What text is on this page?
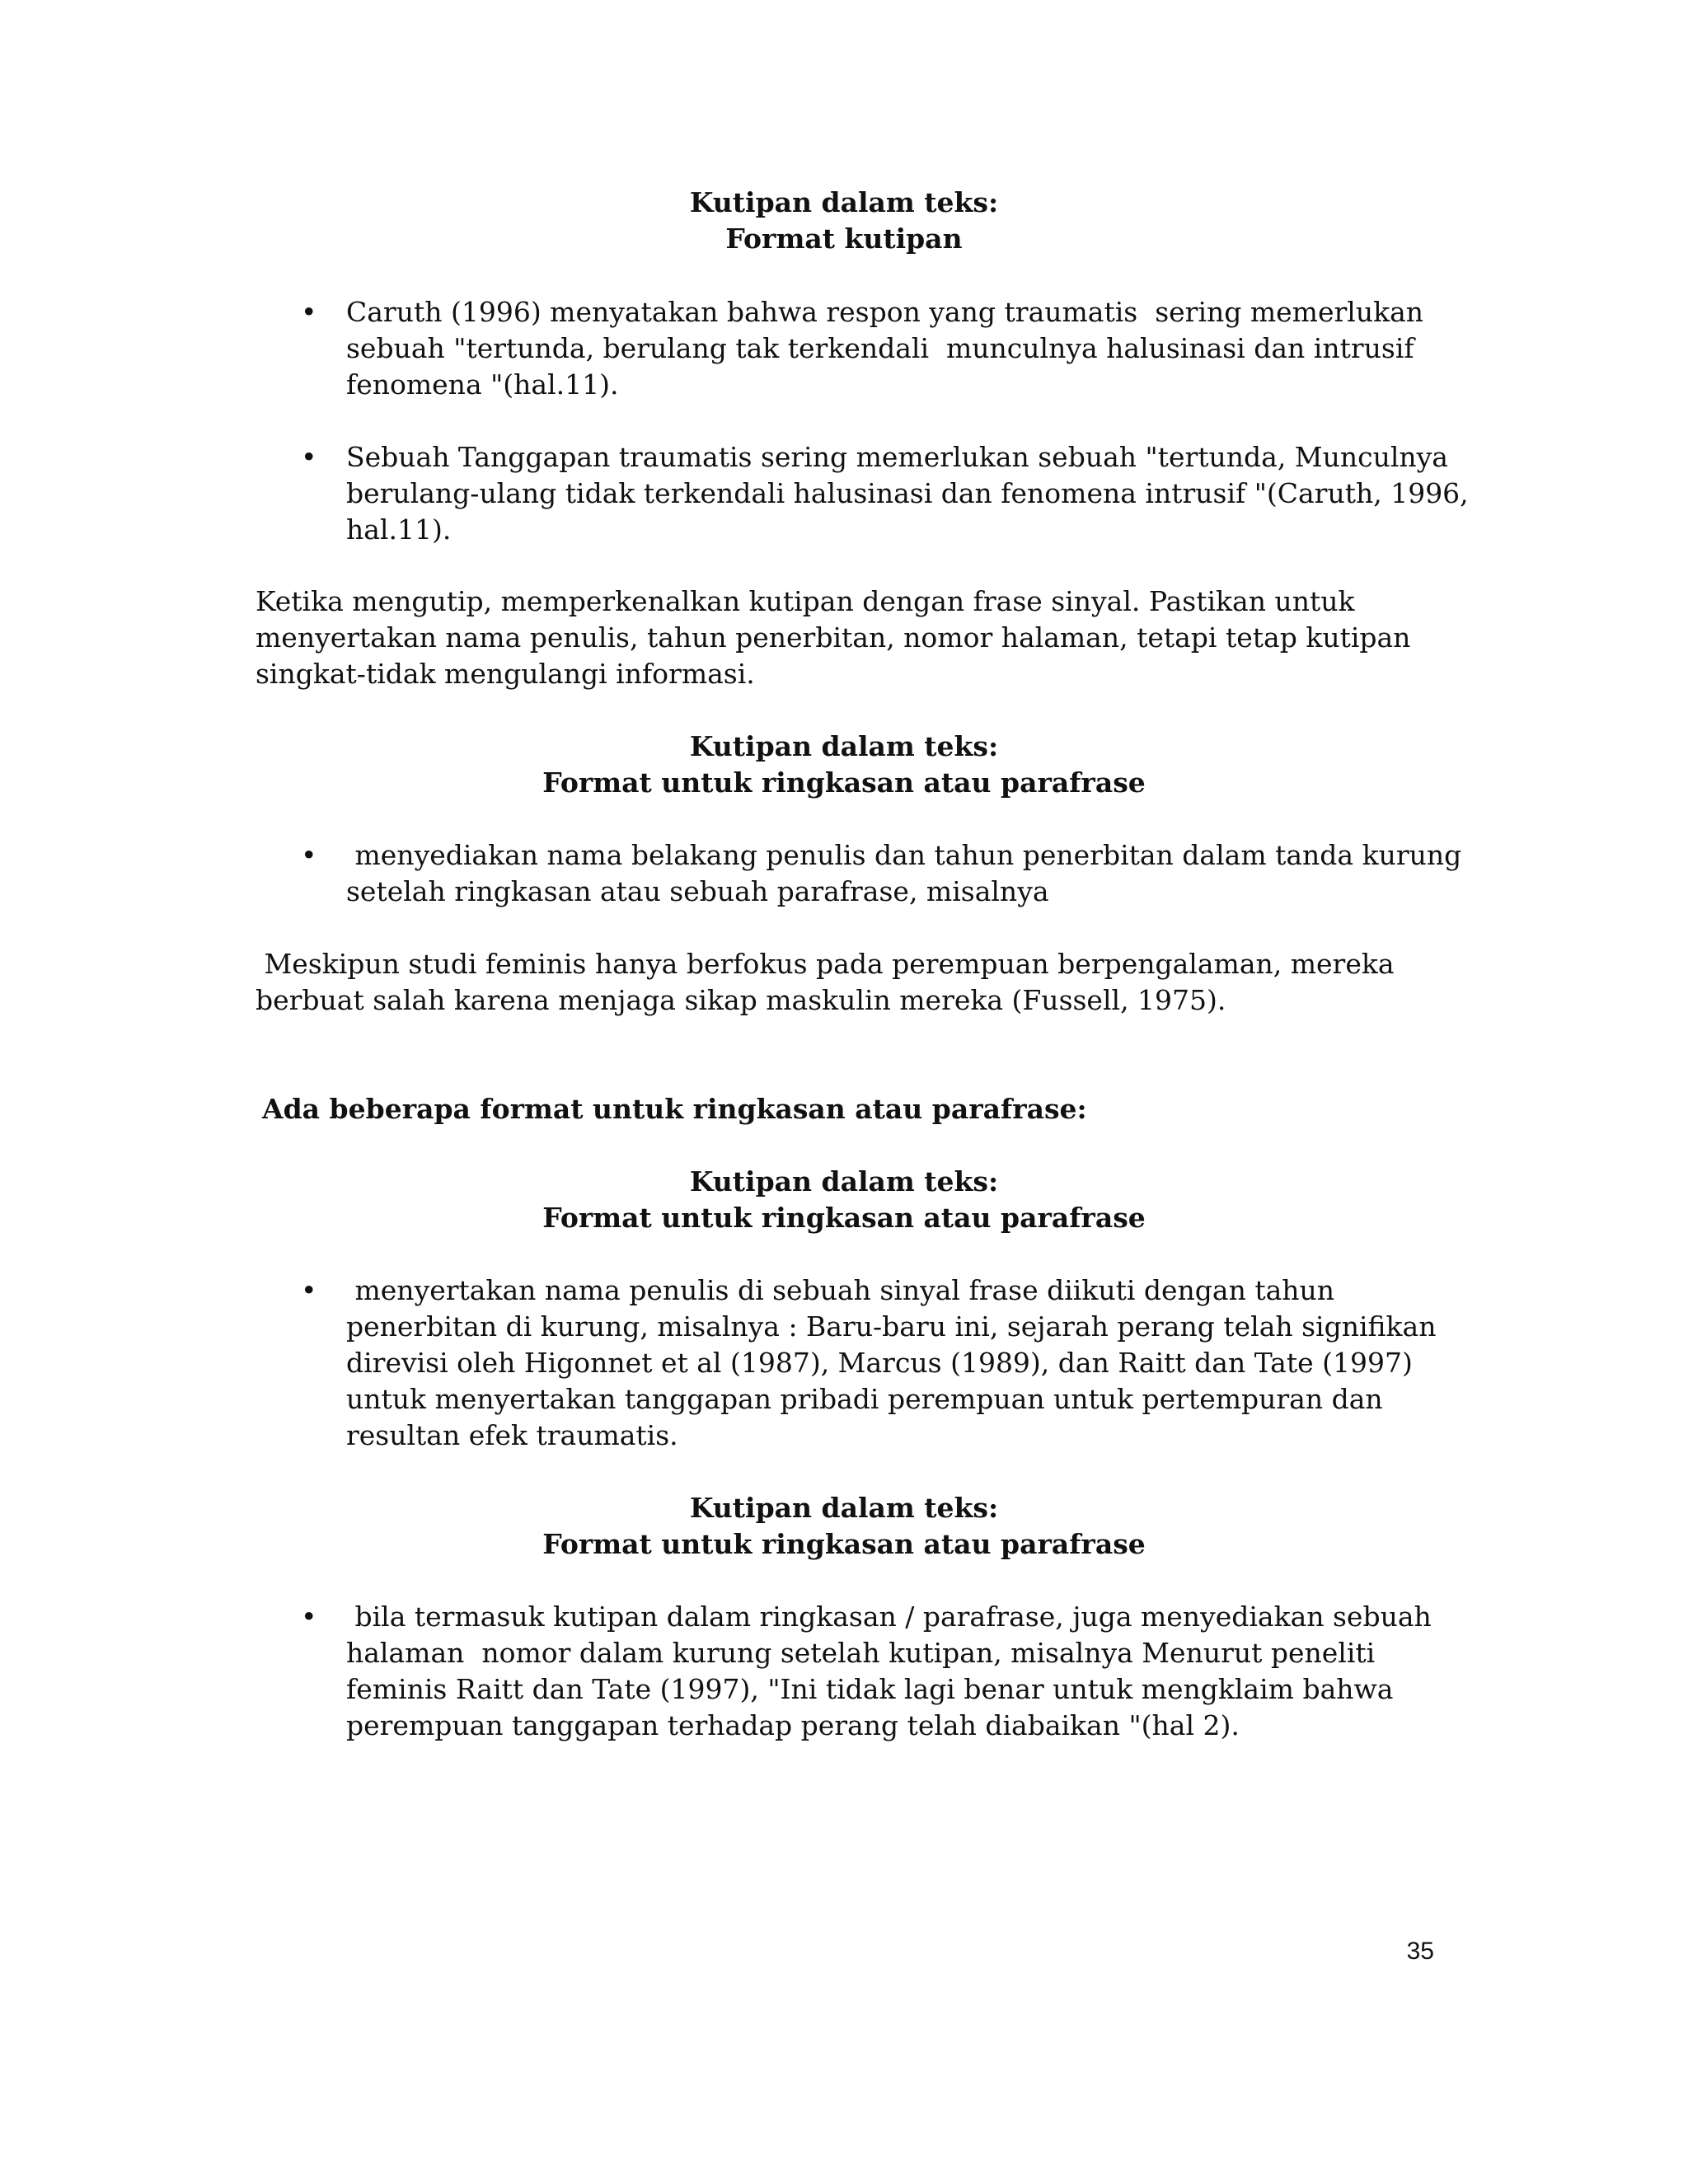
Kutipan dalam teks:
Format kutipan
•	Caruth (1996) menyatakan bahwa respon yang traumatis  sering memerlukan
sebuah "tertunda, berulang tak terkendali  munculnya halusinasi dan intrusif
fenomena "(hal.11).
•	Sebuah Tanggapan traumatis sering memerlukan sebuah "tertunda, Munculnya
berulang-ulang tidak terkendali halusinasi dan fenomena intrusif "(Caruth, 1996,
hal.11).
Ketika mengutip, memperkenalkan kutipan dengan frase sinyal. Pastikan untuk
menyertakan nama penulis, tahun penerbitan, nomor halaman, tetapi tetap kutipan
singkat-tidak mengulangi informasi.
Kutipan dalam teks:
Format untuk ringkasan atau parafrase
•	menyediakan nama belakang penulis dan tahun penerbitan dalam tanda kurung
setelah ringkasan atau sebuah parafrase, misalnya
Meskipun studi feminis hanya berfokus pada perempuan berpengalaman, mereka
berbuat salah karena menjaga sikap maskulin mereka (Fussell, 1975).
Ada beberapa format untuk ringkasan atau parafrase:
Kutipan dalam teks:
Format untuk ringkasan atau parafrase
•	menyertakan nama penulis di sebuah sinyal frase diikuti dengan tahun
penerbitan di kurung, misalnya : Baru-baru ini, sejarah perang telah signifikan
direvisi oleh Higonnet et al (1987), Marcus (1989), dan Raitt dan Tate (1997)
untuk menyertakan tanggapan pribadi perempuan untuk pertempuran dan
resultan efek traumatis.
Kutipan dalam teks:
Format untuk ringkasan atau parafrase
•	bila termasuk kutipan dalam ringkasan / parafrase, juga menyediakan sebuah
halaman  nomor dalam kurung setelah kutipan, misalnya Menurut peneliti
feminis Raitt dan Tate (1997), "Ini tidak lagi benar untuk mengklaim bahwa
perempuan tanggapan terhadap perang telah diabaikan "(hal 2).
35
